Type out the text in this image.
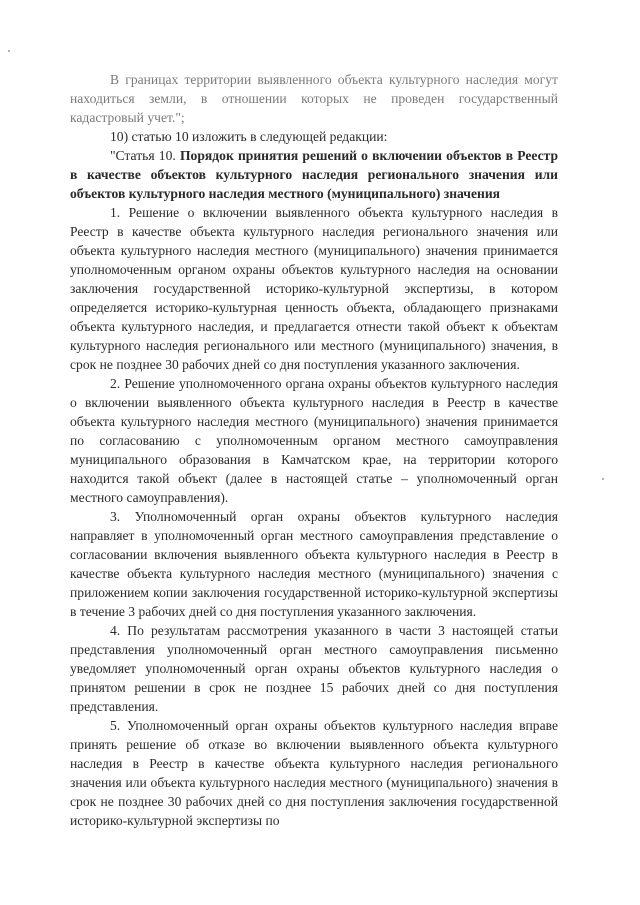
В границах территории выявленного объекта культурного наследия могут находиться земли, в отношении которых не проведен государственный кадастровый учет.";

10) статью 10 изложить в следующей редакции:

"Статья 10. Порядок принятия решений о включении объектов в Реестр в качестве объектов культурного наследия регионального значения или объектов культурного наследия местного (муниципального) значения

1. Решение о включении выявленного объекта культурного наследия в Реестр в качестве объекта культурного наследия регионального значения или объекта культурного наследия местного (муниципального) значения принимается уполномоченным органом охраны объектов культурного наследия на основании заключения государственной историко-культурной экспертизы, в котором определяется историко-культурная ценность объекта, обладающего признаками объекта культурного наследия, и предлагается отнести такой объект к объектам культурного наследия регионального или местного (муниципального) значения, в срок не позднее 30 рабочих дней со дня поступления указанного заключения.

2. Решение уполномоченного органа охраны объектов культурного наследия о включении выявленного объекта культурного наследия в Реестр в качестве объекта культурного наследия местного (муниципального) значения принимается по согласованию с уполномоченным органом местного самоуправления муниципального образования в Камчатском крае, на территории которого находится такой объект (далее в настоящей статье – уполномоченный орган местного самоуправления).

3. Уполномоченный орган охраны объектов культурного наследия направляет в уполномоченный орган местного самоуправления представление о согласовании включения выявленного объекта культурного наследия в Реестр в качестве объекта культурного наследия местного (муниципального) значения с приложением копии заключения государственной историко-культурной экспертизы в течение 3 рабочих дней со дня поступления указанного заключения.

4. По результатам рассмотрения указанного в части 3 настоящей статьи представления уполномоченный орган местного самоуправления письменно уведомляет уполномоченный орган охраны объектов культурного наследия о принятом решении в срок не позднее 15 рабочих дней со дня поступления представления.

5. Уполномоченный орган охраны объектов культурного наследия вправе принять решение об отказе во включении выявленного объекта культурного наследия в Реестр в качестве объекта культурного наследия регионального значения или объекта культурного наследия местного (муниципального) значения в срок не позднее 30 рабочих дней со дня поступления заключения государственной историко-культурной экспертизы по
